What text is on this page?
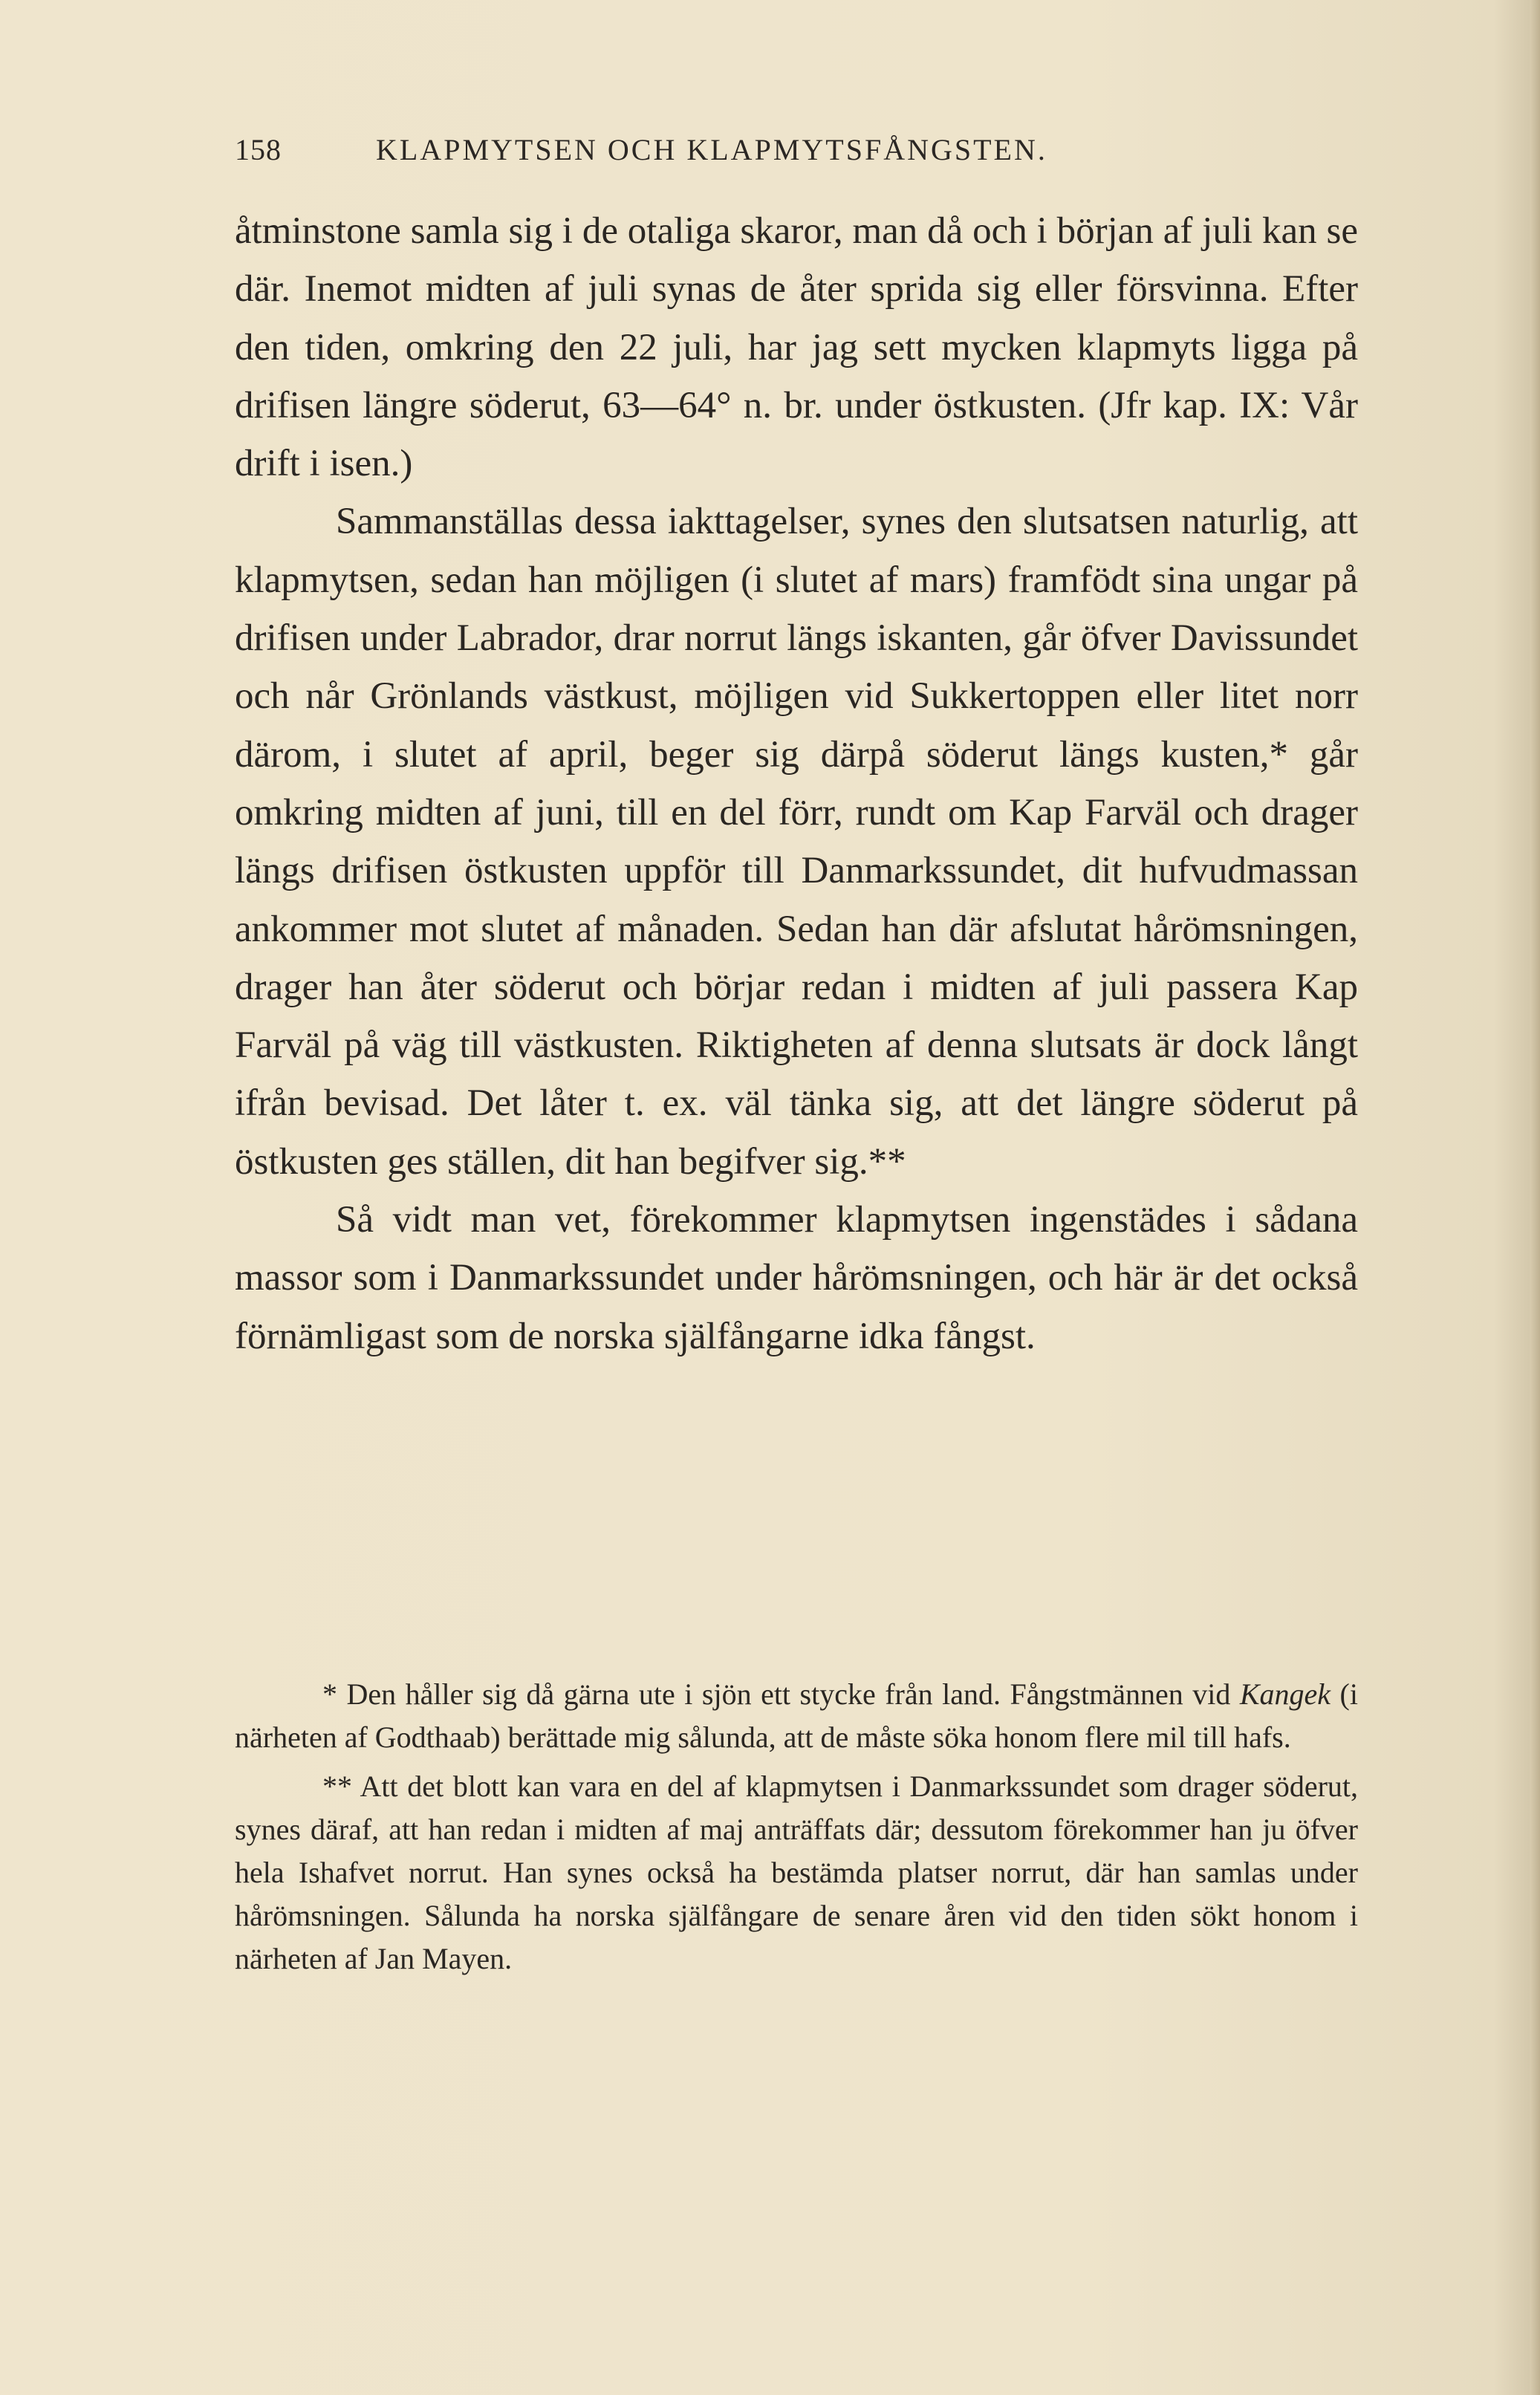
158	KLAPMYTSEN OCH KLAPMYTSFÅNGSTEN.

åtminstone samla sig i de otaliga skaror, man då och i början af juli kan se där. Inemot midten af juli synas de åter sprida sig eller försvinna. Efter den tiden, omkring den 22 juli, har jag sett mycken klapmyts ligga på drifisen längre söderut, 63—64° n. br. under östkusten. (Jfr kap. IX: Vår drift i isen.)

Sammanställas dessa iakttagelser, synes den slutsatsen naturlig, att klapmytsen, sedan han möjligen (i slutet af mars) framfödt sina ungar på drifisen under Labrador, drar norrut längs iskanten, går öfver Davissundet och når Grönlands västkust, möjligen vid Sukkertoppen eller litet norr därom, i slutet af april, beger sig därpå söderut längs kusten,* går omkring midten af juni, till en del förr, rundt om Kap Farväl och drager längs drifisen östkusten uppför till Danmarkssundet, dit hufvudmassan ankommer mot slutet af månaden. Sedan han där afslutat hårömsningen, drager han åter söderut och börjar redan i midten af juli passera Kap Farväl på väg till västkusten. Riktigheten af denna slutsats är dock långt ifrån bevisad. Det låter t. ex. väl tänka sig, att det längre söderut på östkusten ges ställen, dit han begifver sig.**

Så vidt man vet, förekommer klapmytsen ingenstädes i sådana massor som i Danmarkssundet under hårömsningen, och här är det också förnämligast som de norska själfångarne idka fångst.

* Den håller sig då gärna ute i sjön ett stycke från land. Fångstmännen vid Kangek (i närheten af Godthaab) berättade mig sålunda, att de måste söka honom flere mil till hafs.

** Att det blott kan vara en del af klapmytsen i Danmarkssundet som drager söderut, synes däraf, att han redan i midten af maj anträffats där; dessutom förekommer han ju öfver hela Ishafvet norrut. Han synes också ha bestämda platser norrut, där han samlas under hårömsningen. Sålunda ha norska själfångare de senare åren vid den tiden sökt honom i närheten af Jan Mayen.
